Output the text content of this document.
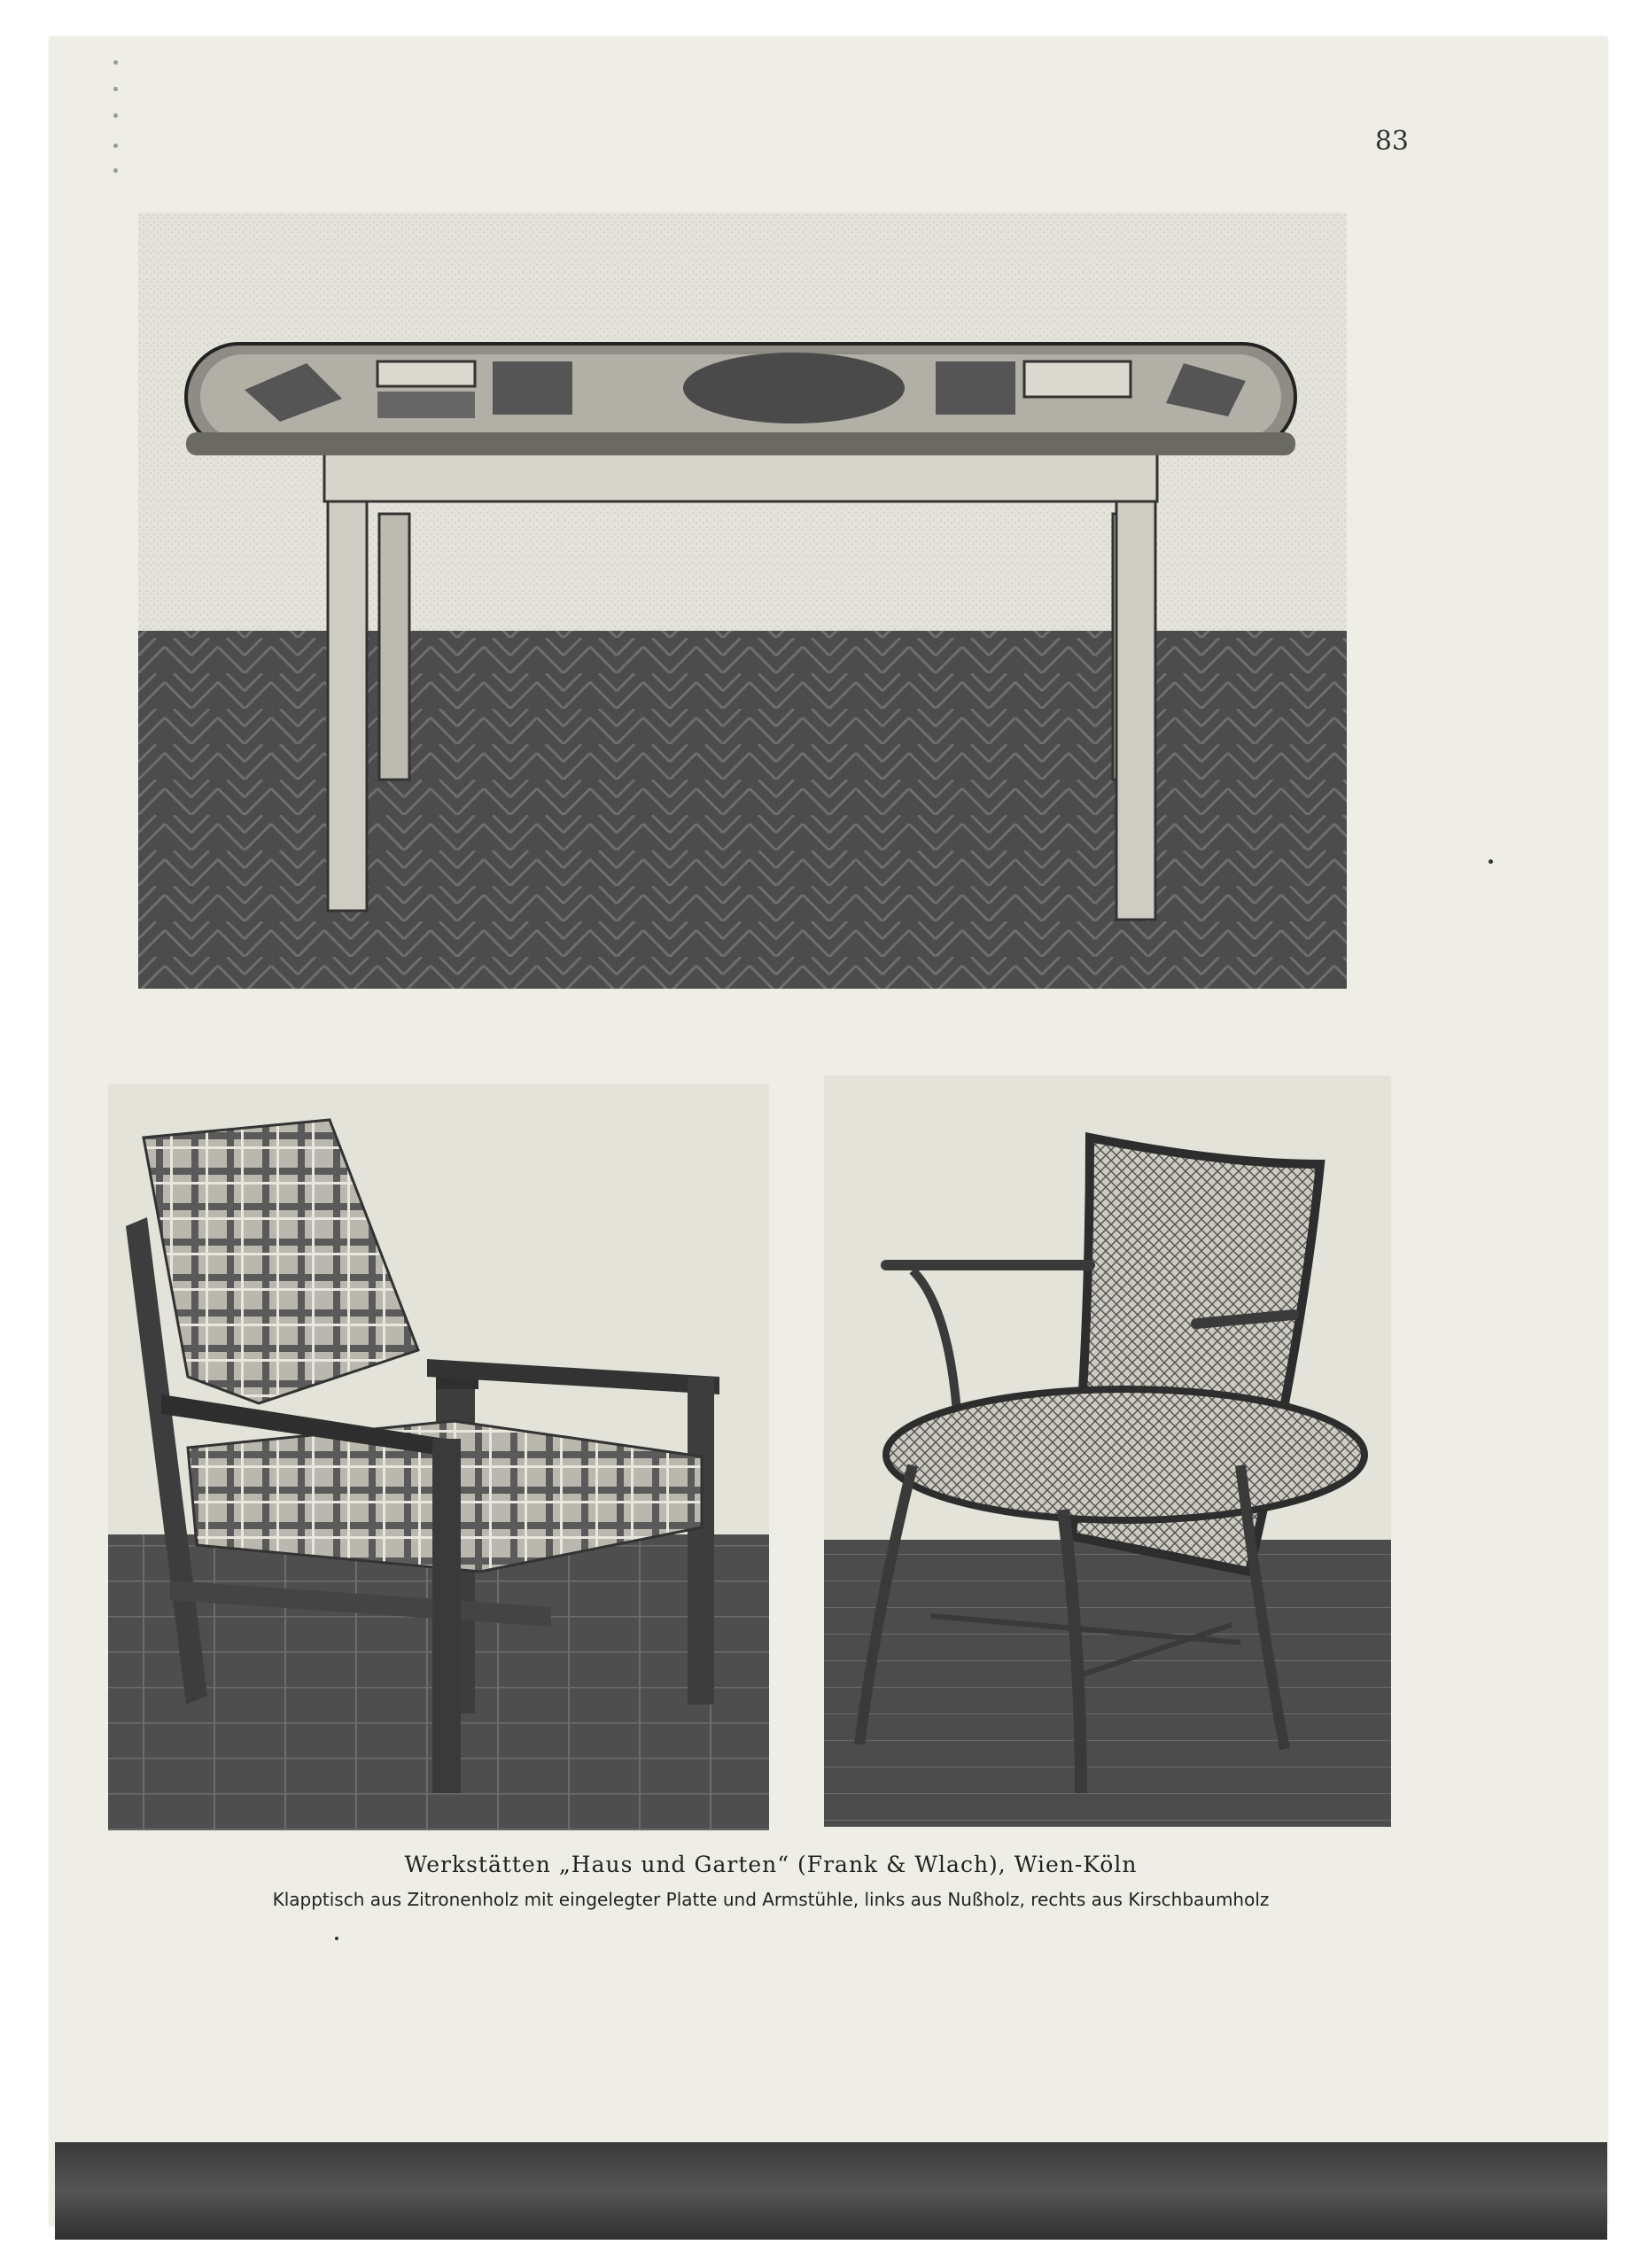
83
Werkstätten „Haus und Garten“ (Frank & Wlach), Wien-Köln
Klapptisch aus Zitronenholz mit eingelegter Platte und Armstühle, links aus Nußholz, rechts aus Kirschbaumholz
